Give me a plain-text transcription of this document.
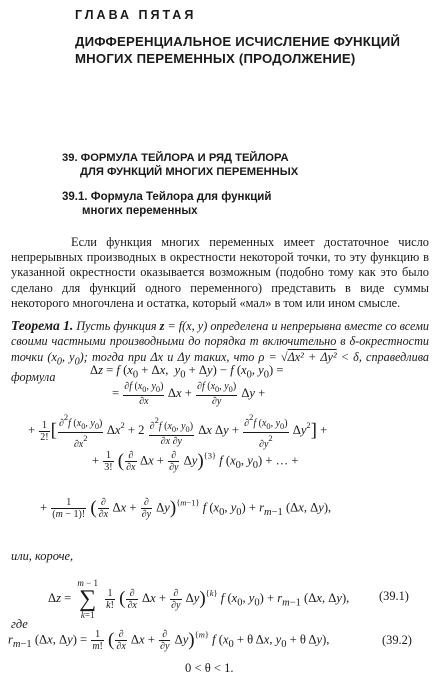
ГЛАВА ПЯТАЯ
ДИФФЕРЕНЦИАЛЬНОЕ ИСЧИСЛЕНИЕ ФУНКЦИЙ МНОГИХ ПЕРЕМЕННЫХ (ПРОДОЛЖЕНИЕ)
39. ФОРМУЛА ТЕЙЛОРА И РЯД ТЕЙЛОРА
ДЛЯ ФУНКЦИЙ МНОГИХ ПЕРЕМЕННЫХ
39.1. Формула Тейлора для функций
многих переменных
Если функция многих переменных имеет достаточное число непрерывных производных в окрестности некоторой точки, то эту функцию в указанной окрестности оказывается возможным (подобно тому как это было сделано для функций одного переменного) представить в виде суммы некоторого многочлена и остатка, который «мал» в том или ином смысле.
Теорема 1. Пусть функция z = f(x, y) определена и непрерывна вместе со всеми своими частными производными до порядка m включительно в δ-окрестности точки ($x_0$, $y_0$); тогда при Δx и Δy таких, что ρ = √Δx² + Δy² < δ, справедлива формула	Δz = f ($x_0 + \Delta x$,  $y_0 + \Delta y) - f$ ($x_0$, $y_0$) =
= $\frac{\partial f (x_0, y_0)}{\partial x}$ $\Delta x + \frac{\partial f (x_0, y_0)}{\partial y}$ Δy +
+ $\frac{1}{2!}$ [ $\frac{\partial^2f (x_0, y_0)}{\partial x^2} \Delta x^2 + 2 \frac{\partial^2f (x_0, y_0)}{\partial x \partial y}$ Δx $\Delta y + \frac{\partial^2f (x_0, y_0)}{\partial y^2} \Delta y^2$] +
+ $\frac{1}{3!}$ ( $\frac{\partial}{\partial x}$ $\Delta x + \frac{\partial}{\partial y} \Delta y)^{\{3\}}$ f ($x_0$, $y_0$) + … +
+ $\frac{1}{(m - 1)!}$ ( $\frac{\partial}{\partial x}$ $\Delta x + \frac{\partial}{\partial y} \Delta y)^{\{m-1\}}$ f ($x_0$, $y_0) + r_{m-1}$ (Δx, Δy),
или, короче,
Δz = m − 1
∑
k=1
$\frac{1}{k!}$ ( $\frac{\partial}{\partial x}$ $\Delta x + \frac{\partial}{\partial y} \Delta y)^{\{k\}}$ f ($x_0$, $y_0) + r_{m-1}$ (Δx, Δy), (39.1)
где
$r_{m-1}$ (Δx, $\Delta y) = \frac{1}{m!}$ ( $\frac{\partial}{\partial x}$ $\Delta x + \frac{\partial}{\partial y} \Delta y)^{\{m\}}$ f ($x_0 + \theta$ Δx, $y_0 + \theta$ Δy),	(39.2)
0 < θ < 1.
